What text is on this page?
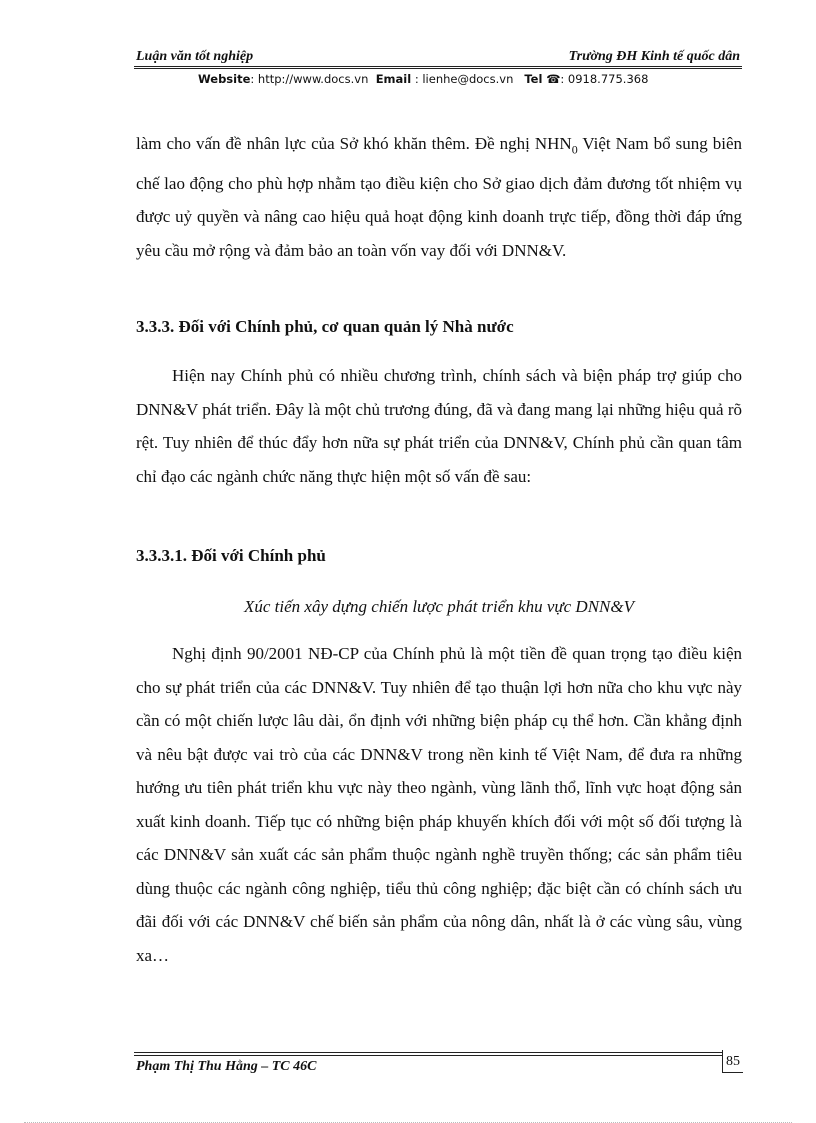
Luận văn tốt nghiệp	Trường ĐH Kinh tế quốc dân
Website: http://www.docs.vn Email : lienhe@docs.vn Tel ☎: 0918.775.368

làm cho vấn đề nhân lực của Sở khó khăn thêm. Đề nghị $NHN_0$ Việt Nam bổ sung biên chế lao động cho phù hợp nhằm tạo điều kiện cho Sở giao dịch đảm đương tốt nhiệm vụ được uỷ quyền và nâng cao hiệu quả hoạt động kinh doanh trực tiếp, đồng thời đáp ứng yêu cầu mở rộng và đảm bảo an toàn vốn vay đối với DNN&V.

3.3.3. Đối với Chính phủ, cơ quan quản lý Nhà nước

Hiện nay Chính phủ có nhiều chương trình, chính sách và biện pháp trợ giúp cho DNN&V phát triển. Đây là một chủ trương đúng, đã và đang mang lại những hiệu quả rõ rệt. Tuy nhiên để thúc đẩy hơn nữa sự phát triển của DNN&V, Chính phủ cần quan tâm chỉ đạo các ngành chức năng thực hiện một số vấn đề sau:

3.3.3.1. Đối với Chính phủ

Xúc tiến xây dựng chiến lược phát triển khu vực DNN&V

Nghị định 90/2001 NĐ-CP của Chính phủ là một tiền đề quan trọng tạo điều kiện cho sự phát triển của các DNN&V. Tuy nhiên để tạo thuận lợi hơn nữa cho khu vực này cần có một chiến lược lâu dài, ổn định với những biện pháp cụ thể hơn. Cần khẳng định và nêu bật được vai trò của các DNN&V trong nền kinh tế Việt Nam, để đưa ra những hướng ưu tiên phát triển khu vực này theo ngành, vùng lãnh thổ, lĩnh vực hoạt động sản xuất kinh doanh. Tiếp tục có những biện pháp khuyến khích đối với một số đối tượng là các DNN&V sản xuất các sản phẩm thuộc ngành nghề truyền thống; các sản phẩm tiêu dùng thuộc các ngành công nghiệp, tiểu thủ công nghiệp; đặc biệt cần có chính sách ưu đãi đối với các DNN&V chế biến sản phẩm của nông dân, nhất là ở các vùng sâu, vùng xa…

Phạm Thị Thu Hằng – TC 46C	85
